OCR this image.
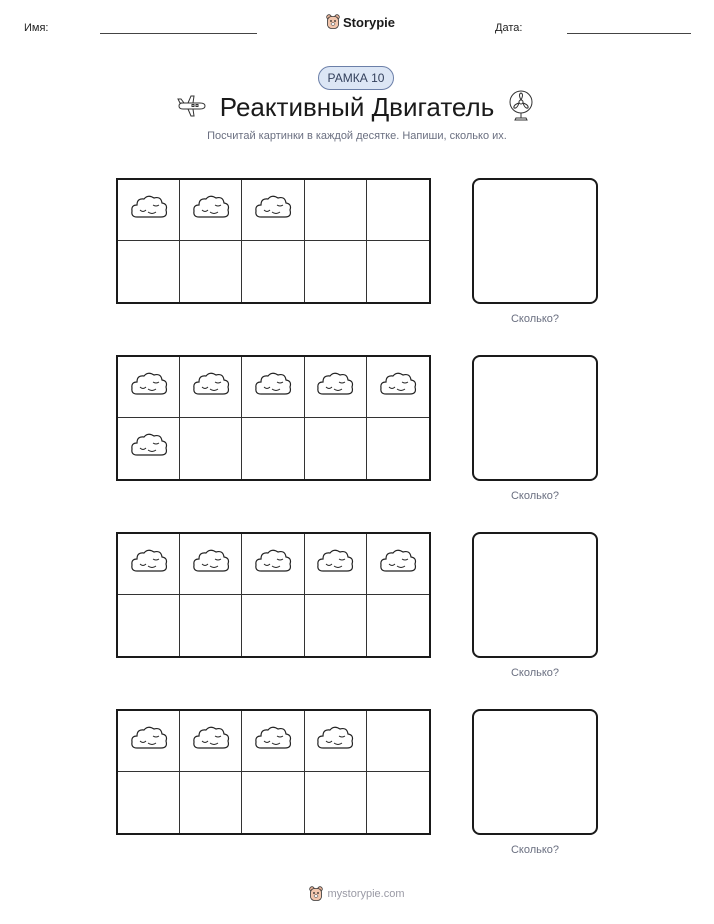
Имя:	Storypie	Дата:
РАМКА 10
Реактивный Двигатель
Посчитай картинки в каждой десятке. Напиши, сколько их.
Сколько?
Сколько?
Сколько?
Сколько?
mystorypie.com
